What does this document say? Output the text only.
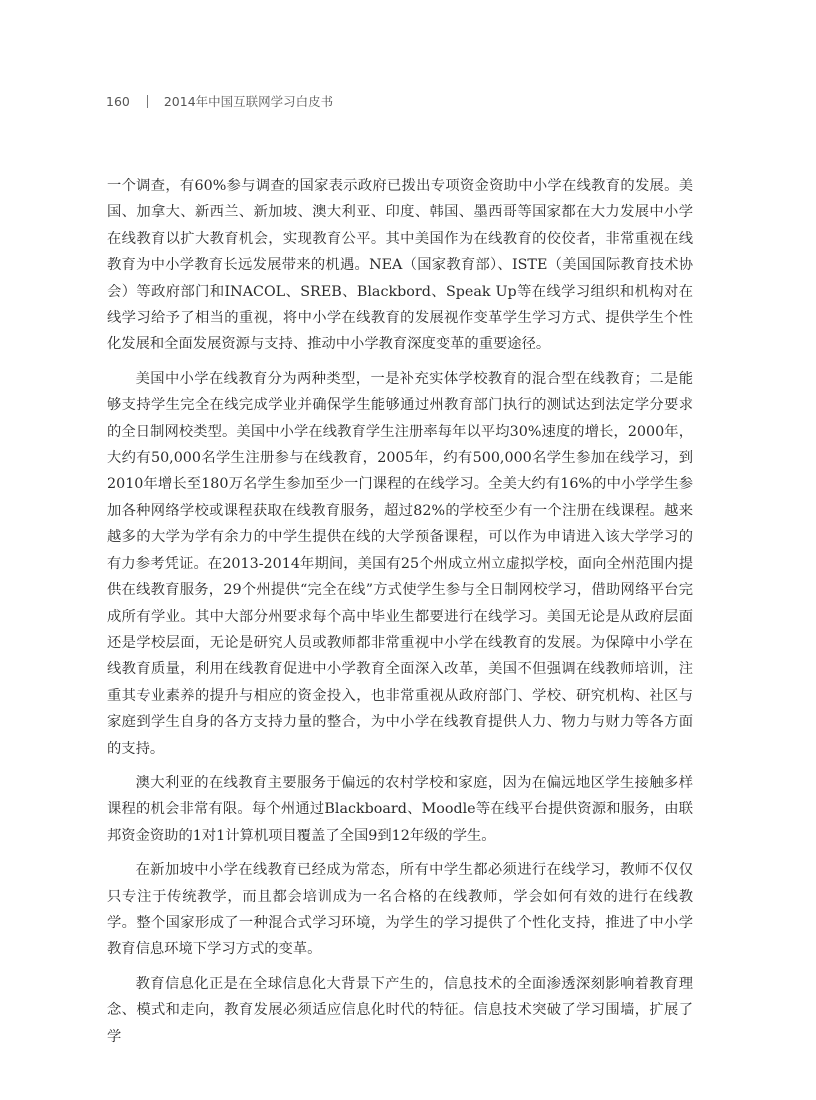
160	2014年中国互联网学习白皮书

一个调查，有60%参与调查的国家表示政府已拨出专项资金资助中小学在线教育的发展。美国、加拿大、新西兰、新加坡、澳大利亚、印度、韩国、墨西哥等国家都在大力发展中小学在线教育以扩大教育机会，实现教育公平。其中美国作为在线教育的佼佼者，非常重视在线教育为中小学教育长远发展带来的机遇。NEA（国家教育部）、ISTE（美国国际教育技术协会）等政府部门和INACOL、SREB、Blackbord、Speak Up等在线学习组织和机构对在线学习给予了相当的重视，将中小学在线教育的发展视作变革学生学习方式、提供学生个性化发展和全面发展资源与支持、推动中小学教育深度变革的重要途径。

美国中小学在线教育分为两种类型，一是补充实体学校教育的混合型在线教育；二是能够支持学生完全在线完成学业并确保学生能够通过州教育部门执行的测试达到法定学分要求的全日制网校类型。美国中小学在线教育学生注册率每年以平均30%速度的增长，2000年，大约有50,000名学生注册参与在线教育，2005年，约有500,000名学生参加在线学习，到2010年增长至180万名学生参加至少一门课程的在线学习。全美大约有16%的中小学学生参加各种网络学校或课程获取在线教育服务，超过82%的学校至少有一个注册在线课程。越来越多的大学为学有余力的中学生提供在线的大学预备课程，可以作为申请进入该大学学习的有力参考凭证。在2013-2014年期间，美国有25个州成立州立虚拟学校，面向全州范围内提供在线教育服务，29个州提供“完全在线”方式使学生参与全日制网校学习，借助网络平台完成所有学业。其中大部分州要求每个高中毕业生都要进行在线学习。美国无论是从政府层面还是学校层面，无论是研究人员或教师都非常重视中小学在线教育的发展。为保障中小学在线教育质量，利用在线教育促进中小学教育全面深入改革，美国不但强调在线教师培训，注重其专业素养的提升与相应的资金投入，也非常重视从政府部门、学校、研究机构、社区与家庭到学生自身的各方支持力量的整合，为中小学在线教育提供人力、物力与财力等各方面的支持。

澳大利亚的在线教育主要服务于偏远的农村学校和家庭，因为在偏远地区学生接触多样课程的机会非常有限。每个州通过Blackboard、Moodle等在线平台提供资源和服务，由联邦资金资助的1对1计算机项目覆盖了全国9到12年级的学生。

在新加坡中小学在线教育已经成为常态，所有中学生都必须进行在线学习，教师不仅仅只专注于传统教学，而且都会培训成为一名合格的在线教师，学会如何有效的进行在线教学。整个国家形成了一种混合式学习环境，为学生的学习提供了个性化支持，推进了中小学教育信息环境下学习方式的变革。

教育信息化正是在全球信息化大背景下产生的，信息技术的全面渗透深刻影响着教育理念、模式和走向，教育发展必须适应信息化时代的特征。信息技术突破了学习围墙，扩展了学
